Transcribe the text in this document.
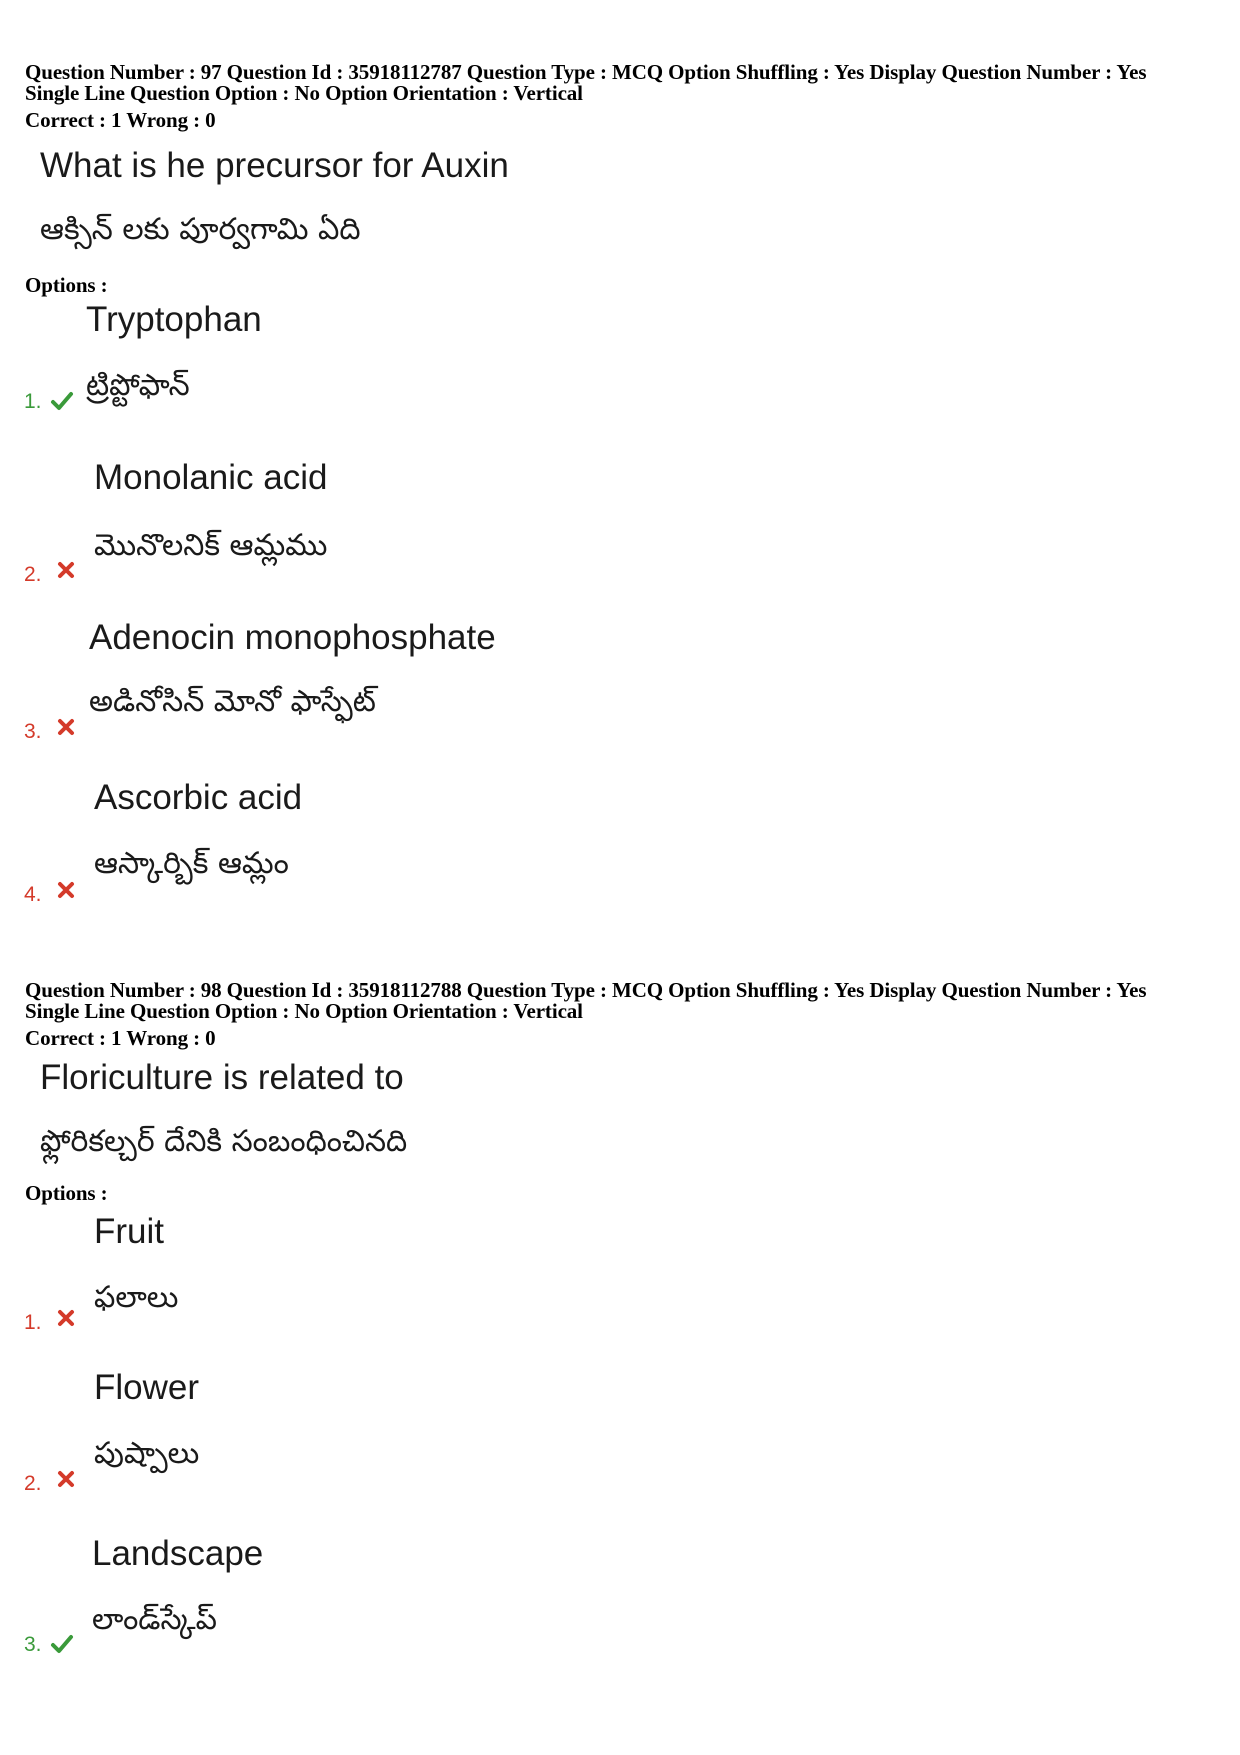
Question Number : 97 Question Id : 35918112787 Question Type : MCQ Option Shuffling : Yes Display Question Number : Yes
Single Line Question Option : No Option Orientation : Vertical
Correct : 1 Wrong : 0
What is he precursor for Auxin
ఆక్సిన్ లకు పూర్వగామి ఏది
Options :
Tryptophan
ట్రిప్టోఫాన్
1.
Monolanic acid
మొనొలనిక్ ఆమ్లము
2.
Adenocin monophosphate
అడినోసిన్ మోనో ఫాస్ఫేట్
3.
Ascorbic acid
ఆస్కార్బిక్ ఆమ్లం
4.
Question Number : 98 Question Id : 35918112788 Question Type : MCQ Option Shuffling : Yes Display Question Number : Yes
Single Line Question Option : No Option Orientation : Vertical
Correct : 1 Wrong : 0
Floriculture is related to
ఫ్లోరికల్చర్ దేనికి సంబంధించినది
Options :
Fruit
ఫలాలు
1.
Flower
పుష్పాలు
2.
Landscape
లాండ్‌స్కేప్
3.
